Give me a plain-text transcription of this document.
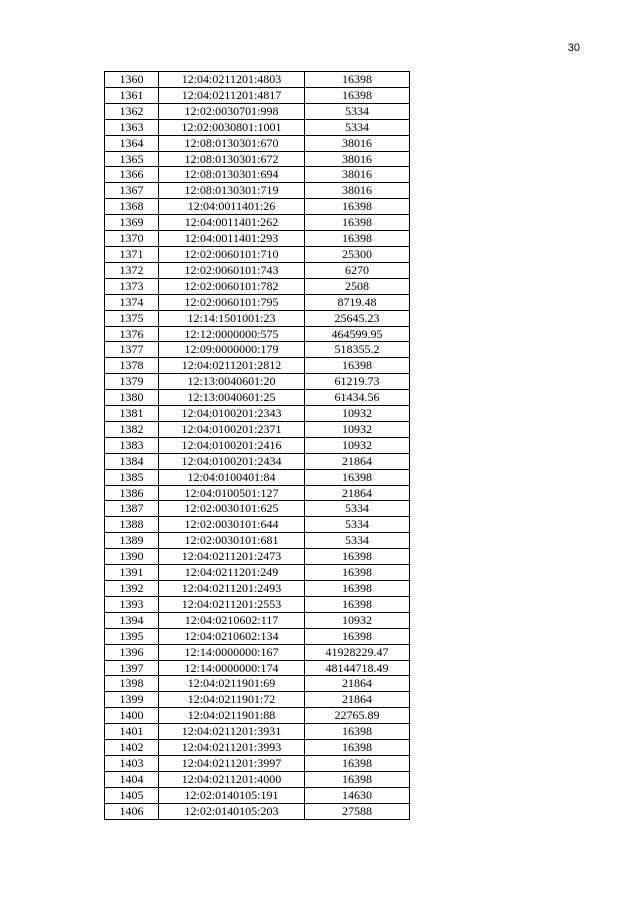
30
1360	12:04:0211201:4803	16398
1361	12:04:0211201:4817	16398
1362	12:02:0030701:998	5334
1363	12:02:0030801:1001	5334
1364	12:08:0130301:670	38016
1365	12:08:0130301:672	38016
1366	12:08:0130301:694	38016
1367	12:08:0130301:719	38016
1368	12:04:0011401:26	16398
1369	12:04:0011401:262	16398
1370	12:04:0011401:293	16398
1371	12:02:0060101:710	25300
1372	12:02:0060101:743	6270
1373	12:02:0060101:782	2508
1374	12:02:0060101:795	8719.48
1375	12:14:1501001:23	25645.23
1376	12:12:0000000:575	464599.95
1377	12:09:0000000:179	518355.2
1378	12:04:0211201:2812	16398
1379	12:13:0040601:20	61219.73
1380	12:13:0040601:25	61434.56
1381	12:04:0100201:2343	10932
1382	12:04:0100201:2371	10932
1383	12:04:0100201:2416	10932
1384	12:04:0100201:2434	21864
1385	12:04:0100401:84	16398
1386	12:04:0100501:127	21864
1387	12:02:0030101:625	5334
1388	12:02:0030101:644	5334
1389	12:02:0030101:681	5334
1390	12:04:0211201:2473	16398
1391	12:04:0211201:249	16398
1392	12:04:0211201:2493	16398
1393	12:04:0211201:2553	16398
1394	12:04:0210602:117	10932
1395	12:04:0210602:134	16398
1396	12:14:0000000:167	41928229.47
1397	12:14:0000000:174	48144718.49
1398	12:04:0211901:69	21864
1399	12:04:0211901:72	21864
1400	12:04:0211901:88	22765.89
1401	12:04:0211201:3931	16398
1402	12:04:0211201:3993	16398
1403	12:04:0211201:3997	16398
1404	12:04:0211201:4000	16398
1405	12:02:0140105:191	14630
1406	12:02:0140105:203	27588
